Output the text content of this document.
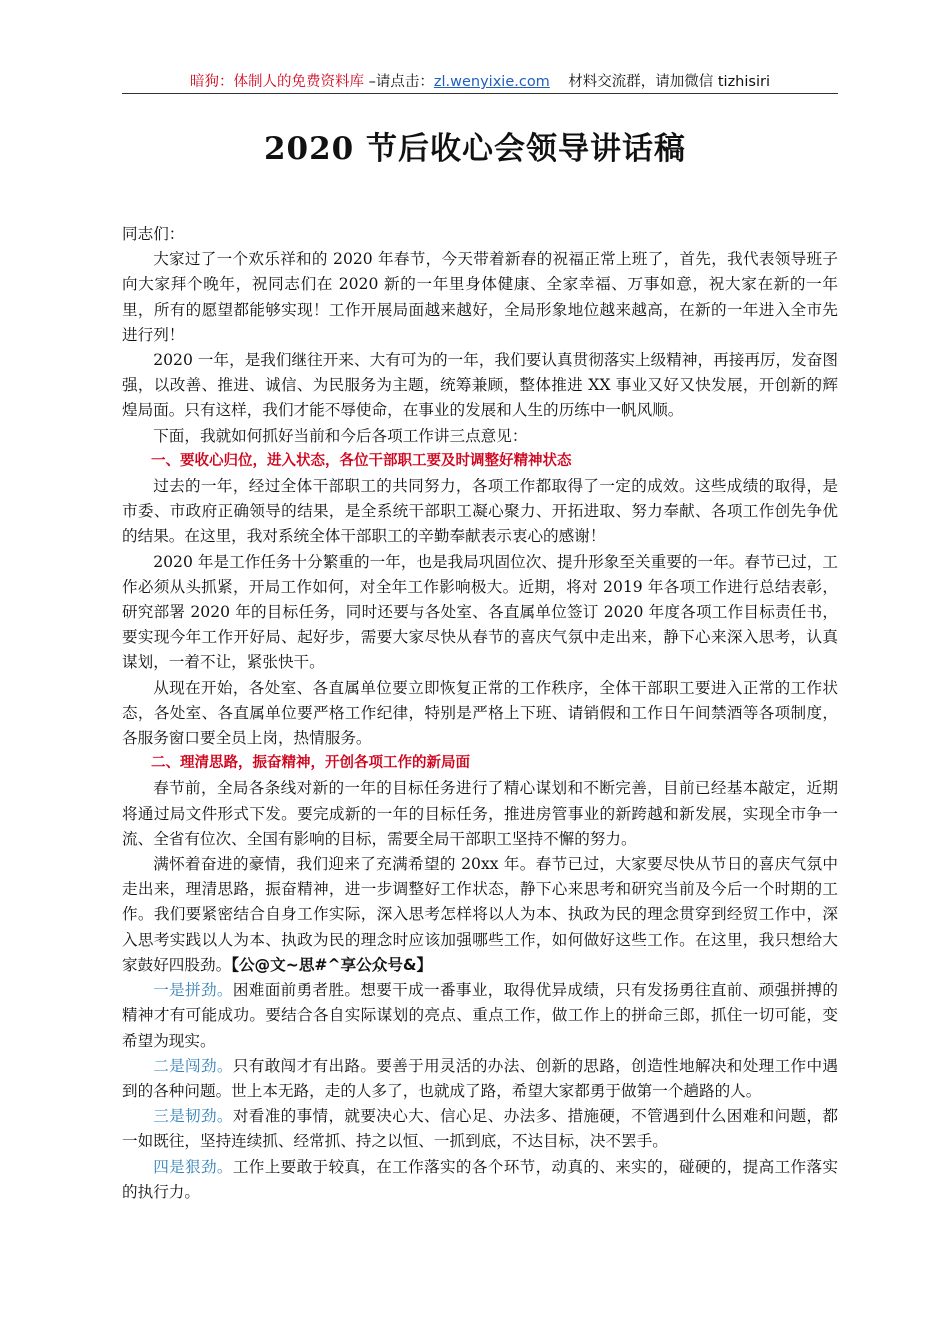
暗狗：体制人的免费资料库 –请点击：zl.wenyixie.com 材料交流群，请加微信 tizhisiri
2020 节后收心会领导讲话稿

同志们：

大家过了一个欢乐祥和的 2020 年春节，今天带着新春的祝福正常上班了，首先，我代表领导班子向大家拜个晚年，祝同志们在 2020 新的一年里身体健康、全家幸福、万事如意，祝大家在新的一年里，所有的愿望都能够实现！工作开展局面越来越好，全局形象地位越来越高，在新的一年进入全市先进行列！

2020 一年，是我们继往开来、大有可为的一年，我们要认真贯彻落实上级精神，再接再厉，发奋图强，以改善、推进、诚信、为民服务为主题，统筹兼顾，整体推进 XX 事业又好又快发展，开创新的辉煌局面。只有这样，我们才能不辱使命，在事业的发展和人生的历练中一帆风顺。

下面，我就如何抓好当前和今后各项工作讲三点意见：

一、要收心归位，进入状态，各位干部职工要及时调整好精神状态

过去的一年，经过全体干部职工的共同努力，各项工作都取得了一定的成效。这些成绩的取得，是市委、市政府正确领导的结果，是全系统干部职工凝心聚力、开拓进取、努力奉献、各项工作创先争优的结果。在这里，我对系统全体干部职工的辛勤奉献表示衷心的感谢！

2020 年是工作任务十分繁重的一年，也是我局巩固位次、提升形象至关重要的一年。春节已过，工作必须从头抓紧，开局工作如何，对全年工作影响极大。近期，将对 2019 年各项工作进行总结表彰，研究部署 2020 年的目标任务，同时还要与各处室、各直属单位签订 2020 年度各项工作目标责任书，要实现今年工作开好局、起好步，需要大家尽快从春节的喜庆气氛中走出来，静下心来深入思考，认真谋划，一着不让，紧张快干。

从现在开始，各处室、各直属单位要立即恢复正常的工作秩序，全体干部职工要进入正常的工作状态，各处室、各直属单位要严格工作纪律，特别是严格上下班、请销假和工作日午间禁酒等各项制度，各服务窗口要全员上岗，热情服务。

二、理清思路，振奋精神，开创各项工作的新局面

春节前，全局各条线对新的一年的目标任务进行了精心谋划和不断完善，目前已经基本敲定，近期将通过局文件形式下发。要完成新的一年的目标任务，推进房管事业的新跨越和新发展，实现全市争一流、全省有位次、全国有影响的目标，需要全局干部职工坚持不懈的努力。

满怀着奋进的豪情，我们迎来了充满希望的 20xx 年。春节已过，大家要尽快从节日的喜庆气氛中走出来，理清思路，振奋精神，进一步调整好工作状态，静下心来思考和研究当前及今后一个时期的工作。我们要紧密结合自身工作实际，深入思考怎样将以人为本、执政为民的理念贯穿到经贸工作中，深入思考实践以人为本、执政为民的理念时应该加强哪些工作，如何做好这些工作。在这里，我只想给大家鼓好四股劲。【公@文~思#^享公众号&】

一是拼劲。困难面前勇者胜。想要干成一番事业，取得优异成绩，只有发扬勇往直前、顽强拼搏的精神才有可能成功。要结合各自实际谋划的亮点、重点工作，做工作上的拼命三郎，抓住一切可能，变希望为现实。

二是闯劲。只有敢闯才有出路。要善于用灵活的办法、创新的思路，创造性地解决和处理工作中遇到的各种问题。世上本无路，走的人多了，也就成了路，希望大家都勇于做第一个趟路的人。

三是韧劲。对看准的事情，就要决心大、信心足、办法多、措施硬，不管遇到什么困难和问题，都一如既往，坚持连续抓、经常抓、持之以恒、一抓到底，不达目标，决不罢手。

四是狠劲。工作上要敢于较真，在工作落实的各个环节，动真的、来实的，碰硬的，提高工作落实的执行力。
